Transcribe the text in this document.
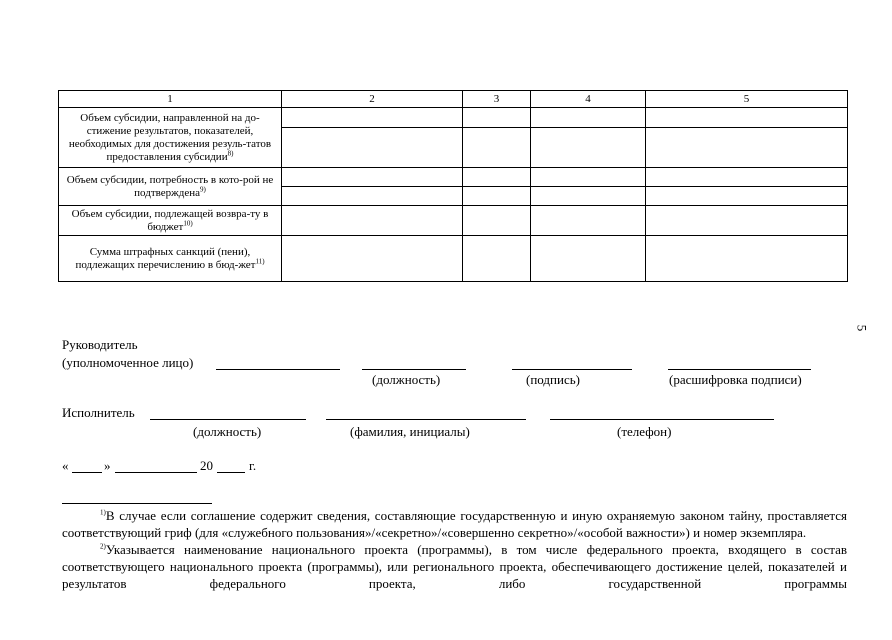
1	2	3	4	5
Объем субсидии, направленной на до-стижение результатов, показателей, необходимых для достижения резуль-татов предоставления субсидии$^{8)}$				

Объем субсидии, потребность в кото-рой не подтверждена$^{9)}$				

Объем субсидии, подлежащей возвра-ту в бюджет$^{10)}$				
Сумма штрафных санкций (пени), подлежащих перечислению в бюд-жет$^{11)}$				
5
Руководитель
(уполномоченное лицо)
(должность)	(подпись)	(расшифровка подписи)
Исполнитель
(должность)	(фамилия, инициалы)	(телефон)
«	»	20	г.

$^{1)}$В случае если соглашение содержит сведения, составляющие государственную и иную охраняемую законом тайну, проставляется соответствующий гриф (для «служебного пользования»/«секретно»/«совершенно секретно»/«особой важности») и номер экземпляра.

$^{2)}$Указывается наименование национального проекта (программы), в том числе федерального проекта, входящего в состав соответствующего национального проекта (программы), или регионального проекта, обеспечивающего достижение целей, показателей и результатов федерального проекта, либо государственной программы
